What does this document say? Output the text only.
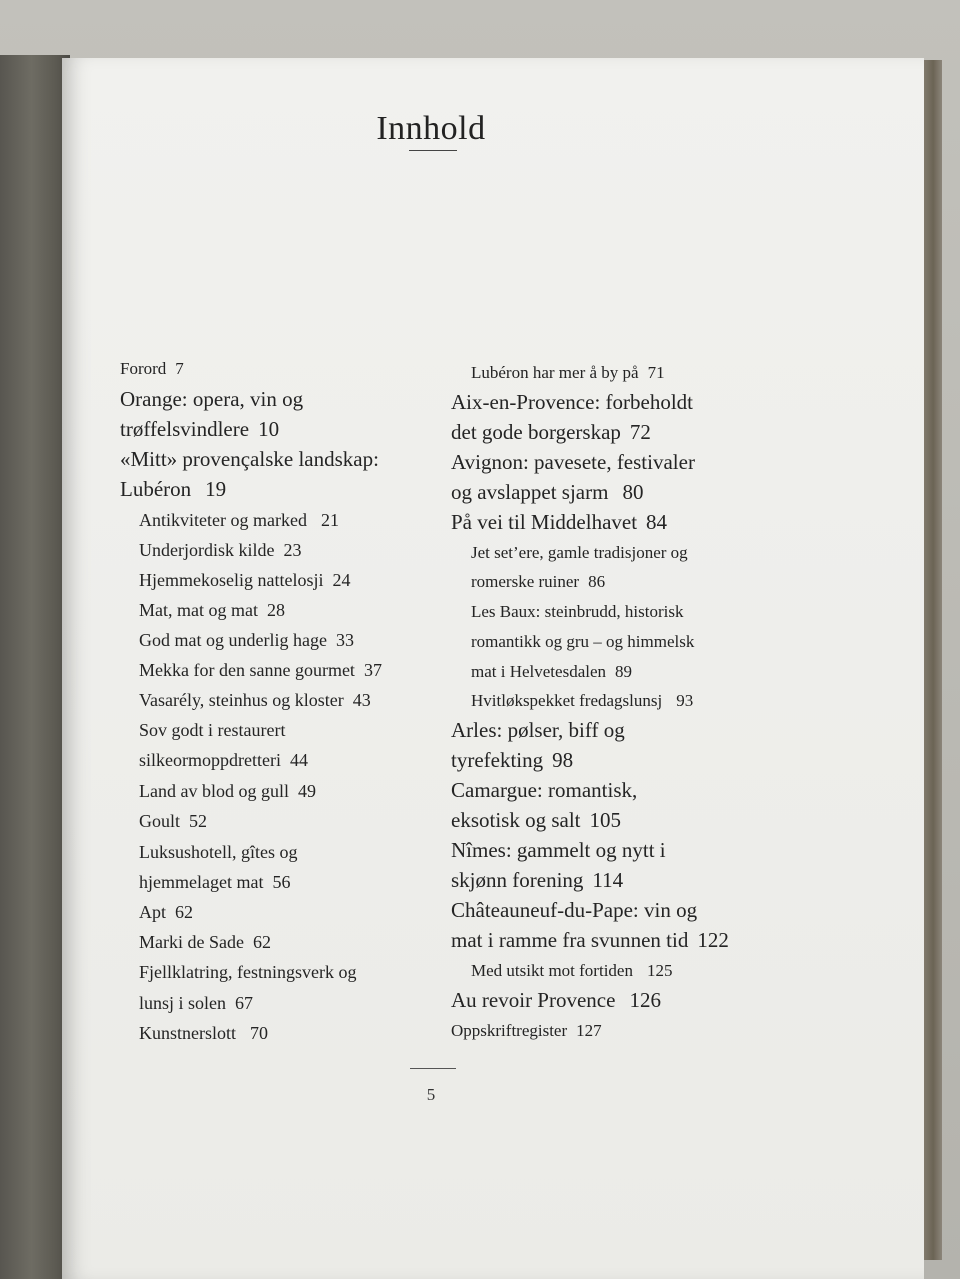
Innhold
Forord 7
Orange: opera, vin og
trøffelsvindlere 10
«Mitt» provençalske landskap:
Lubéron 19
Antikviteter og marked 21
Underjordisk kilde 23
Hjemmekoselig nattelosji 24
Mat, mat og mat 28
God mat og underlig hage 33
Mekka for den sanne gourmet 37
Vasarély, steinhus og kloster 43
Sov godt i restaurert
silkeormoppdretteri 44
Land av blod og gull 49
Goult 52
Luksushotell, gîtes og
hjemmelaget mat 56
Apt 62
Marki de Sade 62
Fjellklatring, festningsverk og
lunsj i solen 67
Kunstnerslott 70
Lubéron har mer å by på 71
Aix-en-Provence: forbeholdt
det gode borgerskap 72
Avignon: pavesete, festivaler
og avslappet sjarm 80
På vei til Middelhavet 84
Jet set’ere, gamle tradisjoner og
romerske ruiner 86
Les Baux: steinbrudd, historisk
romantikk og gru – og himmelsk
mat i Helvetesdalen 89
Hvitløkspekket fredagslunsj 93
Arles: pølser, biff og
tyrefekting 98
Camargue: romantisk,
eksotisk og salt 105
Nîmes: gammelt og nytt i
skjønn forening 114
Châteauneuf-du-Pape: vin og
mat i ramme fra svunnen tid 122
Med utsikt mot fortiden 125
Au revoir Provence 126
Oppskriftregister 127
5
